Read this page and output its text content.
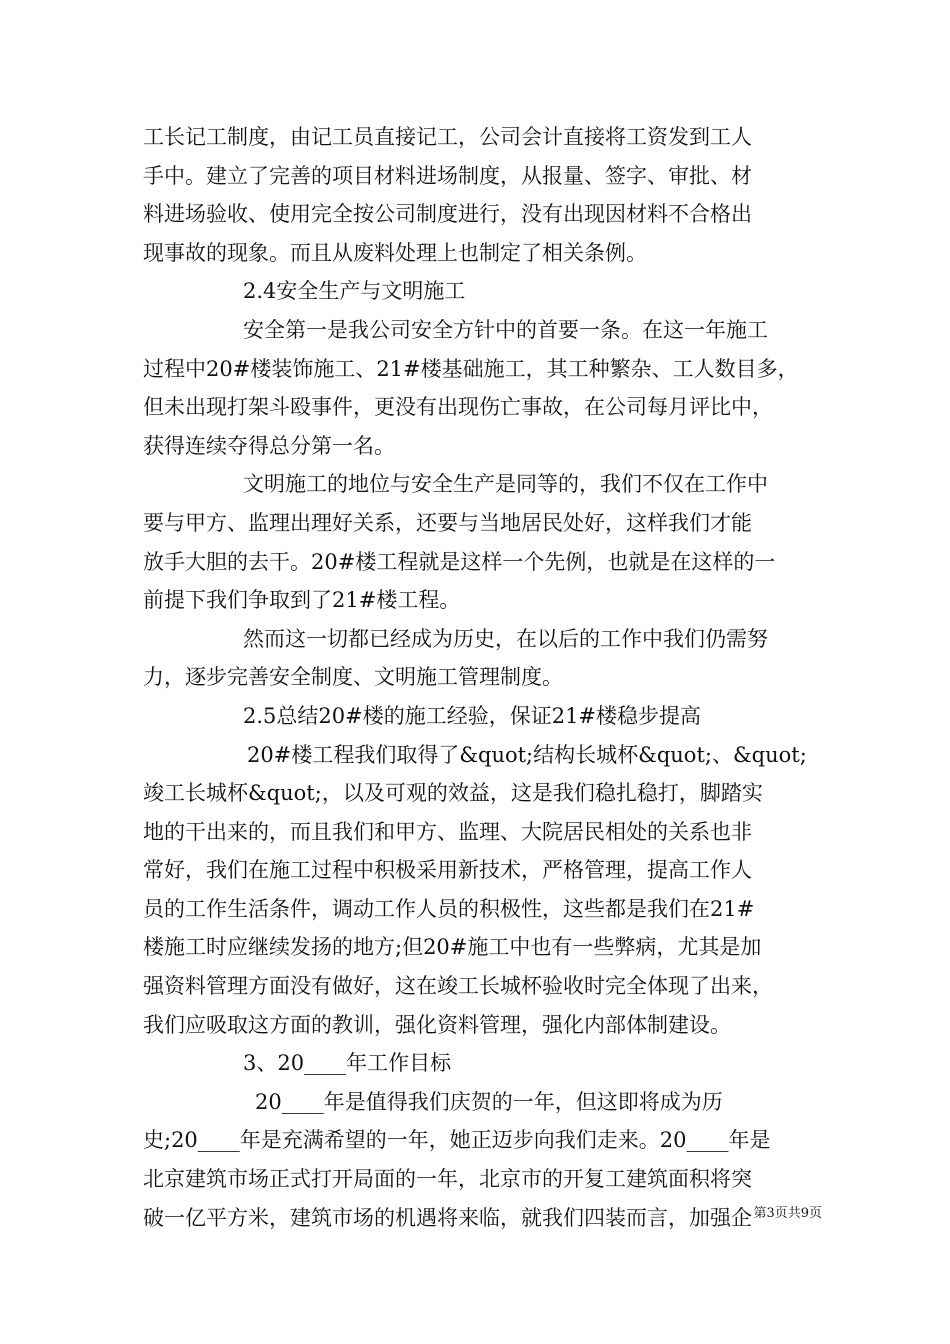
工长记工制度，由记工员直接记工，公司会计直接将工资发到工人
手中。建立了完善的项目材料进场制度，从报量、签字、审批、材
料进场验收、使用完全按公司制度进行，没有出现因材料不合格出
现事故的现象。而且从废料处理上也制定了相关条例。
2.4安全生产与文明施工
安全第一是我公司安全方针中的首要一条。在这一年施工
过程中20#楼装饰施工、21#楼基础施工，其工种繁杂、工人数目多，
但未出现打架斗殴事件，更没有出现伤亡事故，在公司每月评比中，
获得连续夺得总分第一名。
文明施工的地位与安全生产是同等的，我们不仅在工作中
要与甲方、监理出理好关系，还要与当地居民处好，这样我们才能
放手大胆的去干。20#楼工程就是这样一个先例，也就是在这样的一
前提下我们争取到了21#楼工程。
然而这一切都已经成为历史，在以后的工作中我们仍需努
力，逐步完善安全制度、文明施工管理制度。
2.5总结20#楼的施工经验，保证21#楼稳步提高
20#楼工程我们取得了&quot;结构长城杯&quot;、&quot;
竣工长城杯&quot;，以及可观的效益，这是我们稳扎稳打，脚踏实
地的干出来的，而且我们和甲方、监理、大院居民相处的关系也非
常好，我们在施工过程中积极采用新技术，严格管理，提高工作人
员的工作生活条件，调动工作人员的积极性，这些都是我们在21#
楼施工时应继续发扬的地方;但20#施工中也有一些弊病，尤其是加
强资料管理方面没有做好，这在竣工长城杯验收时完全体现了出来，
我们应吸取这方面的教训，强化资料管理，强化内部体制建设。
3、20____年工作目标
20____年是值得我们庆贺的一年，但这即将成为历
史;20____年是充满希望的一年，她正迈步向我们走来。20____年是
北京建筑市场正式打开局面的一年，北京市的开复工建筑面积将突
破一亿平方米，建筑市场的机遇将来临，就我们四装而言，加强企 第3页共9页
